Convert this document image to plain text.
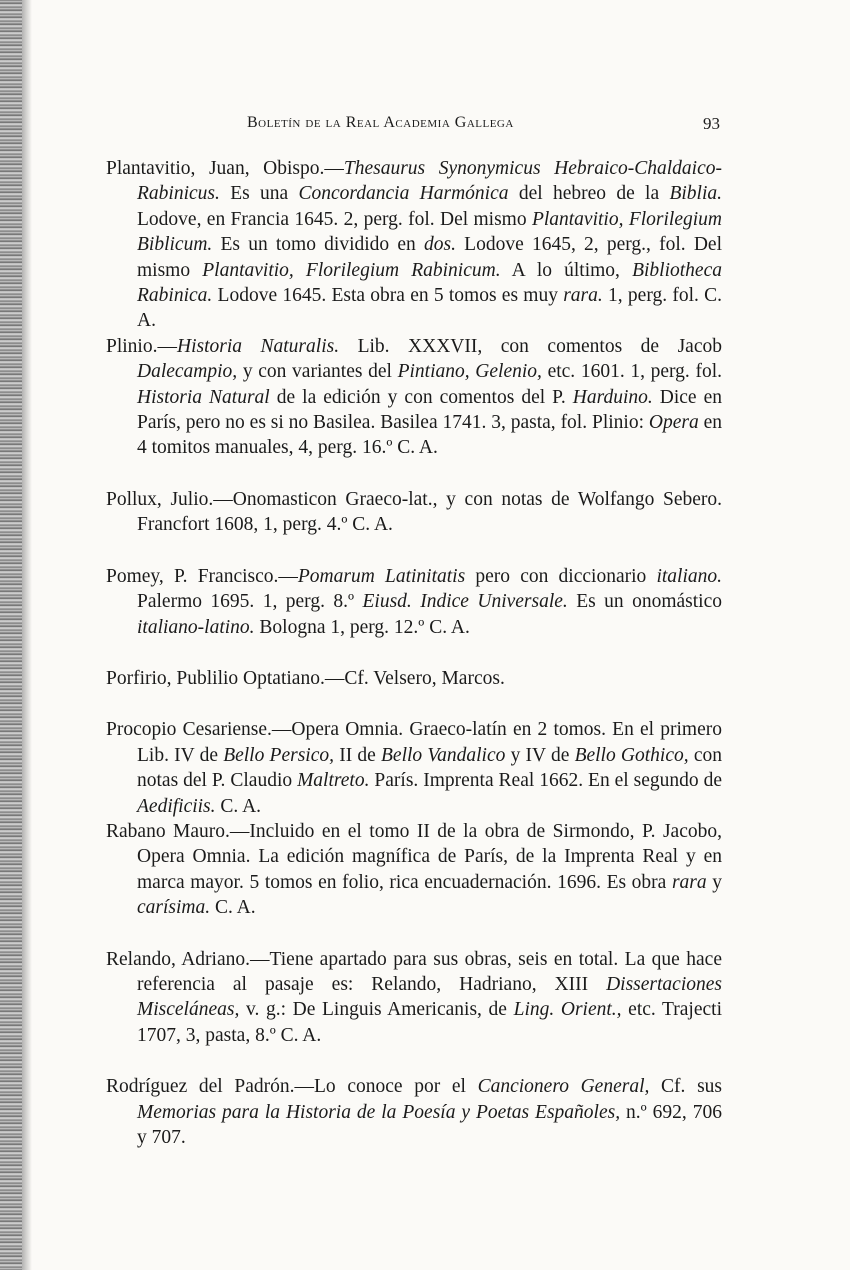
Boletín de la Real Academia Gallega	93

Plantavitio, Juan, Obispo.—Thesaurus Synonymicus Hebraico-Chaldaico-Rabinicus. Es una Concordancia Harmónica del hebreo de la Biblia. Lodove, en Francia 1645. 2, perg. fol. Del mismo Plantavitio, Florilegium Biblicum. Es un tomo dividido en dos. Lodove 1645, 2, perg., fol. Del mismo Plantavitio, Florilegium Rabinicum. A lo último, Bibliotheca Rabinica. Lodove 1645. Esta obra en 5 tomos es muy rara. 1, perg. fol. C. A.

Plinio.—Historia Naturalis. Lib. XXXVII, con comentos de Jacob Dalecampio, y con variantes del Pintiano, Gelenio, etc. 1601. 1, perg. fol. Historia Natural de la edición y con comentos del P. Harduino. Dice en París, pero no es si no Basilea. Basilea 1741. 3, pasta, fol. Plinio: Opera en 4 tomitos manuales, 4, perg. 16.º C. A.

Pollux, Julio.—Onomasticon Graeco-lat., y con notas de Wolfango Sebero. Francfort 1608, 1, perg. 4.º C. A.

Pomey, P. Francisco.—Pomarum Latinitatis pero con diccionario italiano. Palermo 1695. 1, perg. 8.º Eiusd. Indice Universale. Es un onomástico italiano-latino. Bologna 1, perg. 12.º C. A.

Porfirio, Publilio Optatiano.—Cf. Velsero, Marcos.

Procopio Cesariense.—Opera Omnia. Graeco-latín en 2 tomos. En el primero Lib. IV de Bello Persico, II de Bello Vandalico y IV de Bello Gothico, con notas del P. Claudio Maltreto. París. Imprenta Real 1662. En el segundo de Aedificiis. C. A.

Rabano Mauro.—Incluido en el tomo II de la obra de Sirmondo, P. Jacobo, Opera Omnia. La edición magnífica de París, de la Imprenta Real y en marca mayor. 5 tomos en folio, rica encuadernación. 1696. Es obra rara y carísima. C. A.

Relando, Adriano.—Tiene apartado para sus obras, seis en total. La que hace referencia al pasaje es: Relando, Hadriano, XIII Dissertaciones Misceláneas, v. g.: De Linguis Americanis, de Ling. Orient., etc. Trajecti 1707, 3, pasta, 8.º C. A.

Rodríguez del Padrón.—Lo conoce por el Cancionero General, Cf. sus Memorias para la Historia de la Poesía y Poetas Españoles, n.º 692, 706 y 707.
